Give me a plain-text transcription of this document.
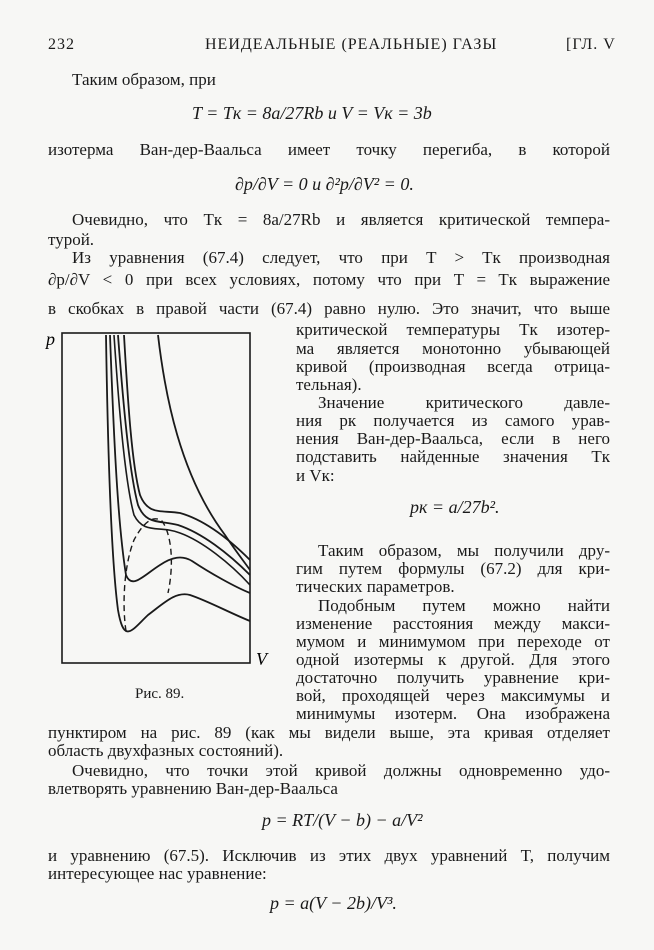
232	НЕИДЕАЛЬНЫЕ (РЕАЛЬНЫЕ) ГАЗЫ	[ГЛ. V
Таким образом, при
T = Tк = 8a/27Rb и V = Vк = 3b
изотерма Ван-дер-Ваальса имеет точку перегиба, в которой
∂p/∂V = 0 и ∂²p/∂V² = 0.
Очевидно, что Tк = 8a/27Rb и является критической темпера-
турой.
Из уравнения (67.4) следует, что при T > Tк производная
∂p/∂V < 0 при всех условиях, потому что при T = Tк выражение
в скобках в правой части (67.4) равно нулю. Это значит, что выше
p
V
Рис. 89.
критической температуры Tк изотер-
ма является монотонно убывающей
кривой (производная всегда отрица-
тельная).
Значение критического давле-
ния pк получается из самого урав-
нения Ван-дер-Ваальса, если в него
подставить найденные значения Tк
и Vк:
pк = a/27b².
Таким образом, мы получили дру-
гим путем формулы (67.2) для кри-
тических параметров.
Подобным путем можно найти
изменение расстояния между макси-
мумом и минимумом при переходе от
одной изотермы к другой. Для этого
достаточно получить уравнение кри-
вой, проходящей через максимумы и
минимумы изотерм. Она изображена
пунктиром на рис. 89 (как мы видели выше, эта кривая отделяет
область двухфазных состояний).
Очевидно, что точки этой кривой должны одновременно удо-
влетворять уравнению Ван-дер-Ваальса
p = RT/(V − b) − a/V²
и уравнению (67.5). Исключив из этих двух уравнений T, получим
интересующее нас уравнение:
p = a(V − 2b)/V³.
